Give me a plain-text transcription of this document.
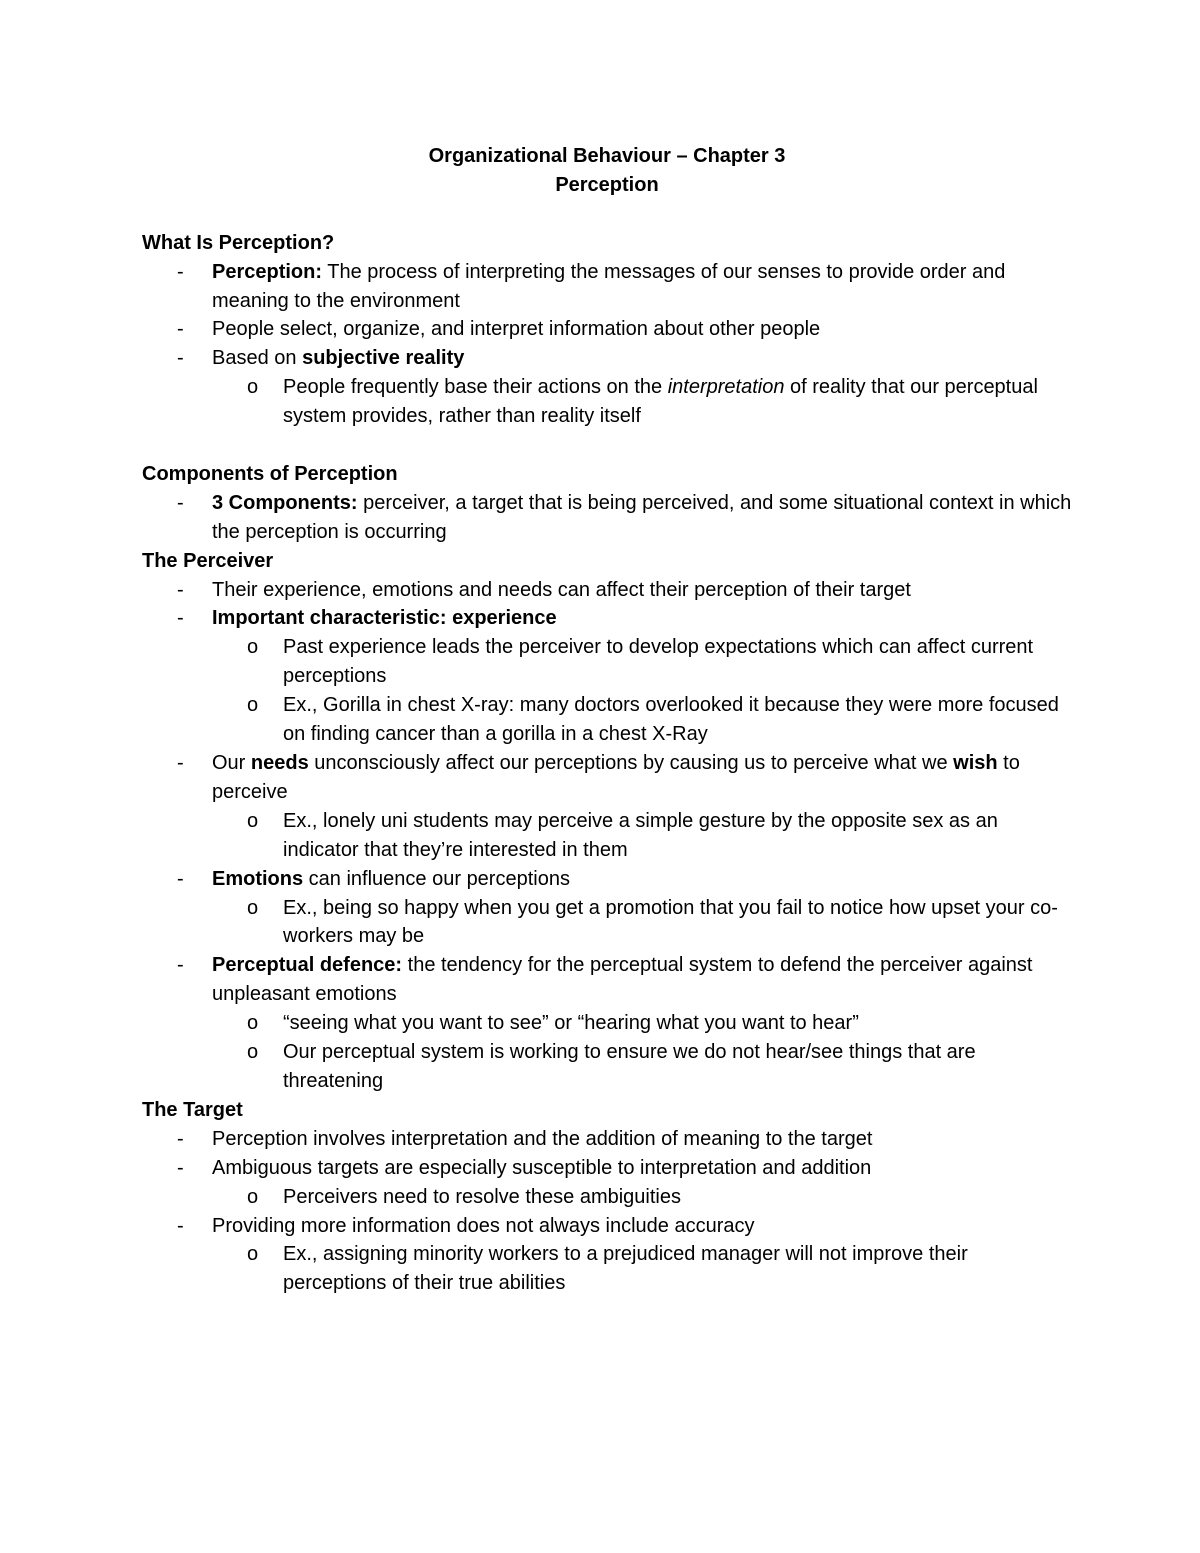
Organizational Behaviour – Chapter 3
Perception
What Is Perception?
- Perception: The process of interpreting the messages of our senses to provide order and meaning to the environment
- People select, organize, and interpret information about other people
- Based on subjective reality
o People frequently base their actions on the interpretation of reality that our perceptual system provides, rather than reality itself
Components of Perception
- 3 Components: perceiver, a target that is being perceived, and some situational context in which the perception is occurring
The Perceiver
- Their experience, emotions and needs can affect their perception of their target
- Important characteristic: experience
o Past experience leads the perceiver to develop expectations which can affect current perceptions
o Ex., Gorilla in chest X-ray: many doctors overlooked it because they were more focused on finding cancer than a gorilla in a chest X-Ray
- Our needs unconsciously affect our perceptions by causing us to perceive what we wish to perceive
o Ex., lonely uni students may perceive a simple gesture by the opposite sex as an indicator that they’re interested in them
- Emotions can influence our perceptions
o Ex., being so happy when you get a promotion that you fail to notice how upset your co-workers may be
- Perceptual defence: the tendency for the perceptual system to defend the perceiver against unpleasant emotions
o “seeing what you want to see” or “hearing what you want to hear”
o Our perceptual system is working to ensure we do not hear/see things that are threatening
The Target
- Perception involves interpretation and the addition of meaning to the target
- Ambiguous targets are especially susceptible to interpretation and addition
o Perceivers need to resolve these ambiguities
- Providing more information does not always include accuracy
o Ex., assigning minority workers to a prejudiced manager will not improve their perceptions of their true abilities
